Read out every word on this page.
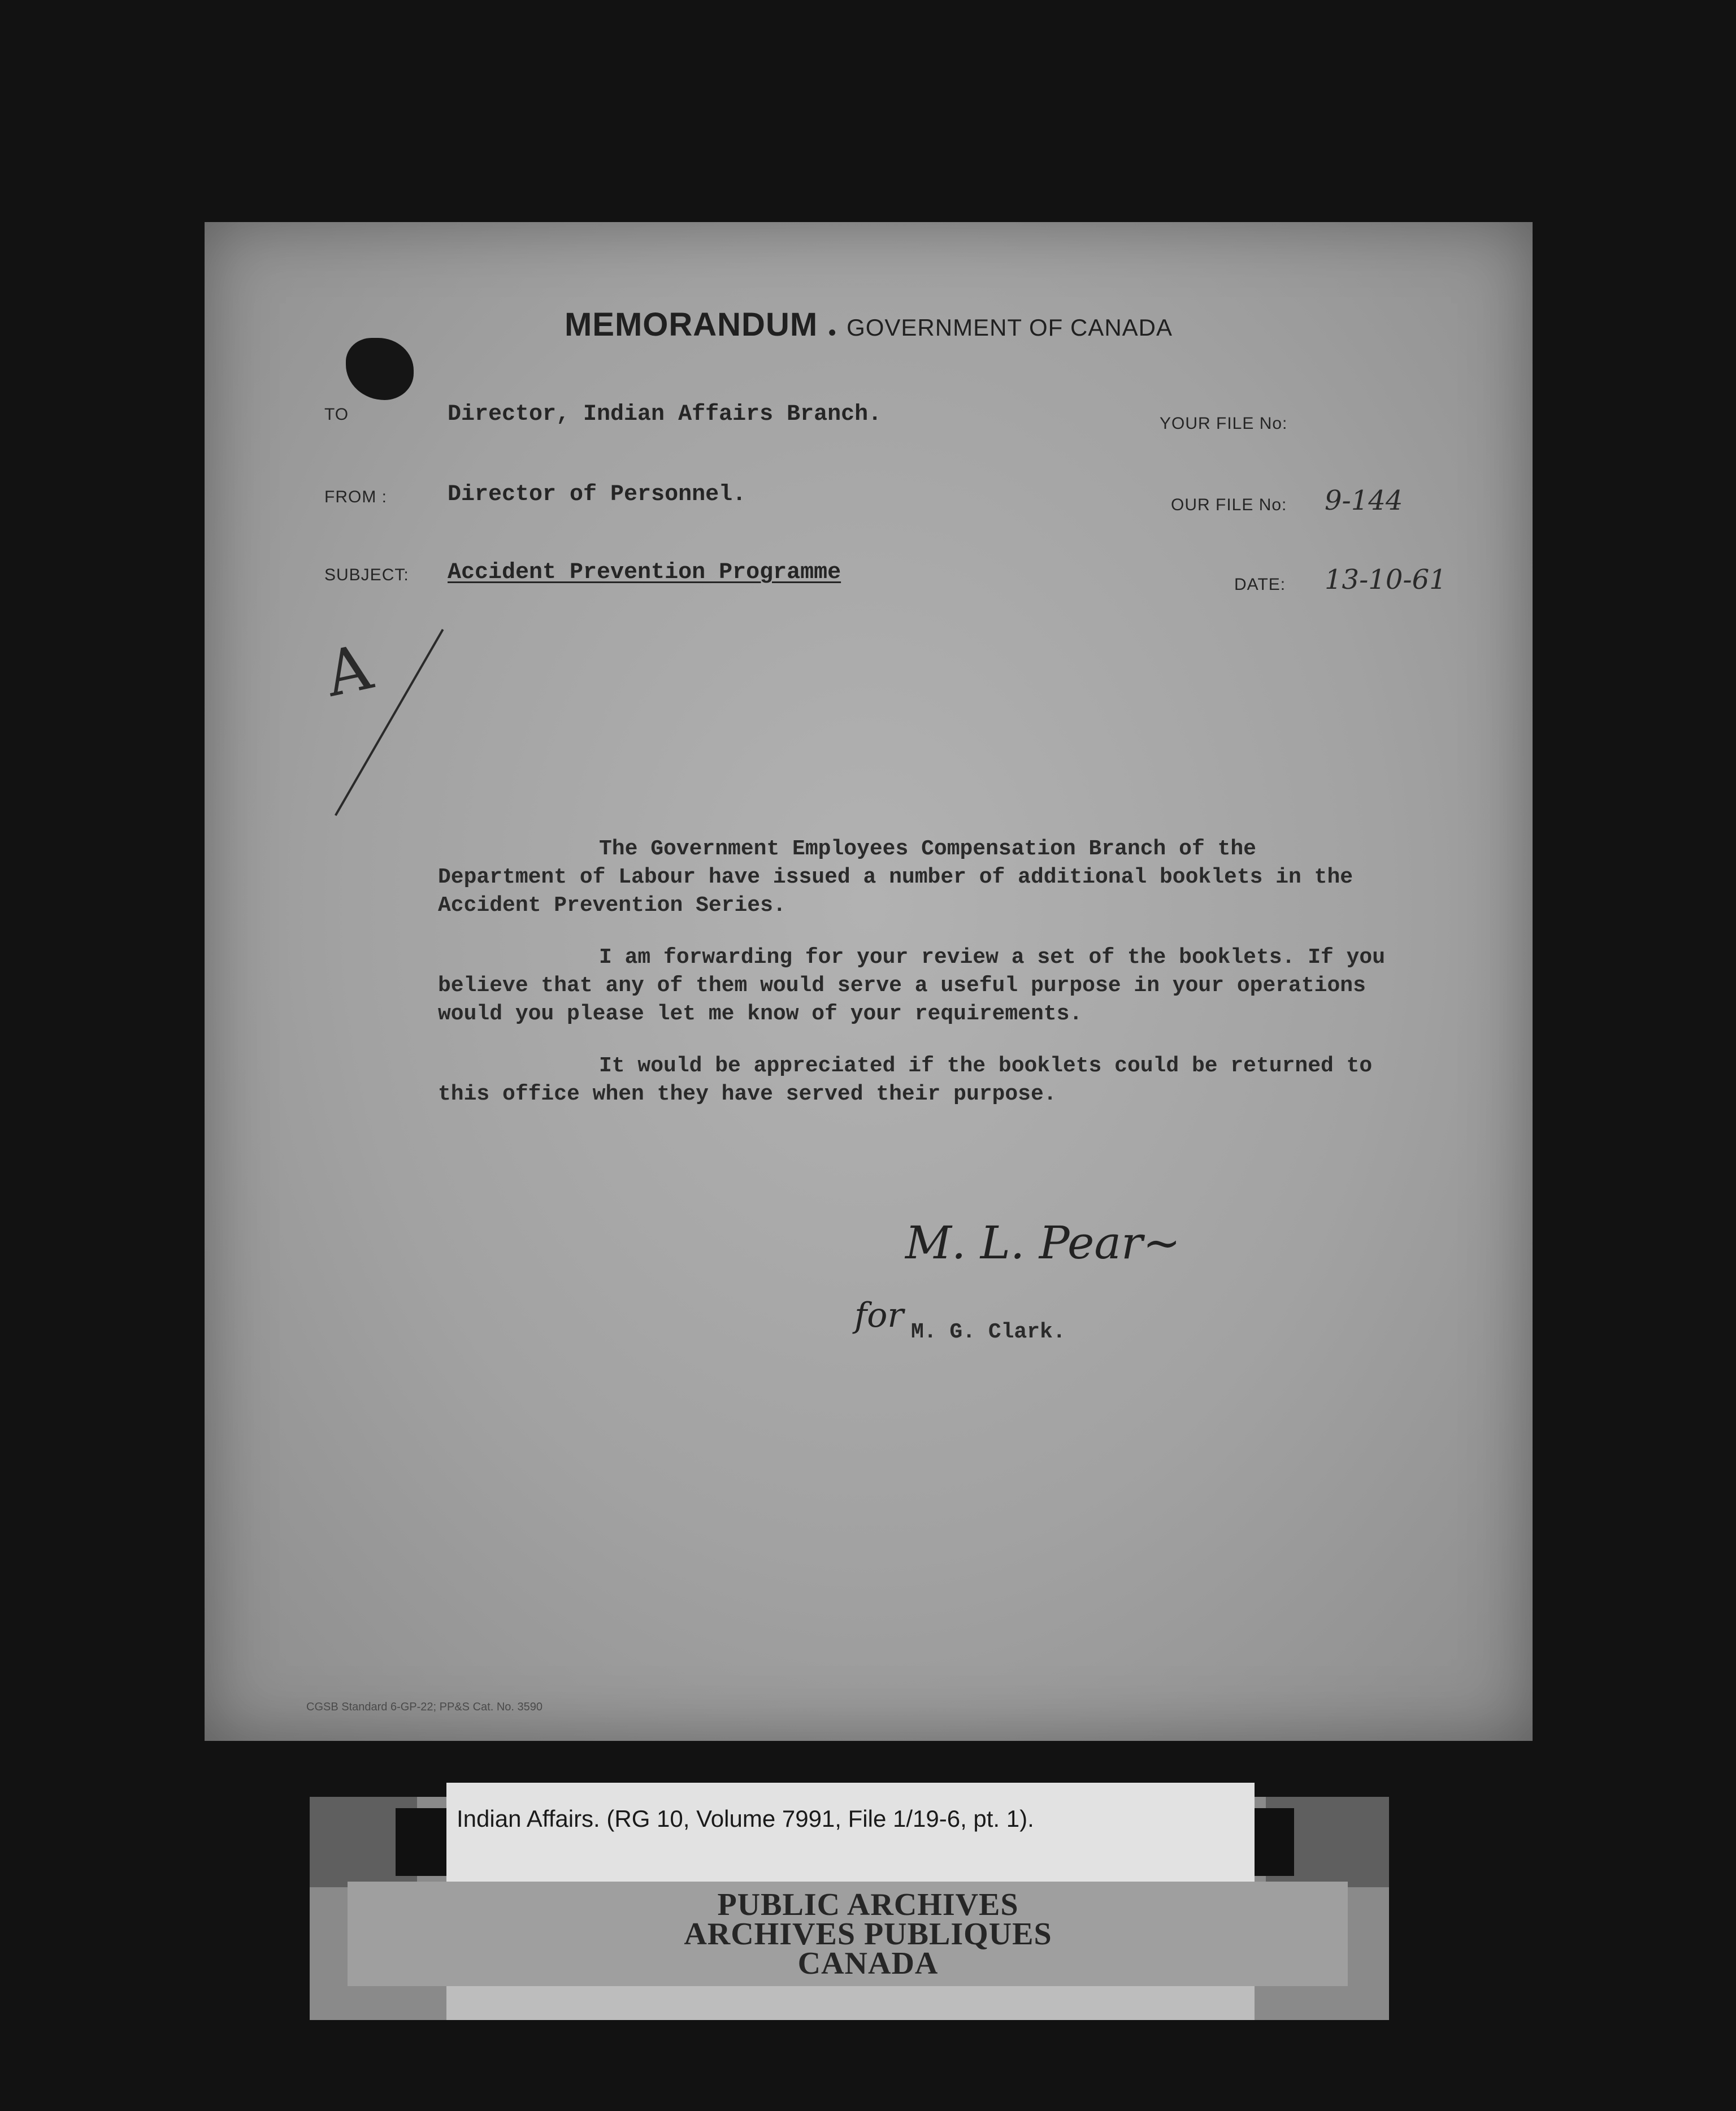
MEMORANDUM • GOVERNMENT OF CANADA
TO	Director, Indian Affairs Branch.
FROM :	Director of Personnel.
SUBJECT: Accident Prevention Programme
YOUR FILE No:
OUR FILE No: 9-144
DATE: 13-10-61
A

The Government Employees Compensation Branch of the Department of Labour have issued a number of additional booklets in the Accident Prevention Series.

I am forwarding for your review a set of the booklets. If you believe that any of them would serve a useful purpose in your operations would you please let me know of your requirements.

It would be appreciated if the booklets could be returned to this office when they have served their purpose.

M. L. Pear~
for M. G. Clark.
CGSB Standard 6-GP-22; PP&S Cat. No. 3590
Indian Affairs. (RG 10, Volume 7991, File 1/19-6, pt. 1).
PUBLIC ARCHIVES
ARCHIVES PUBLIQUES
CANADA
